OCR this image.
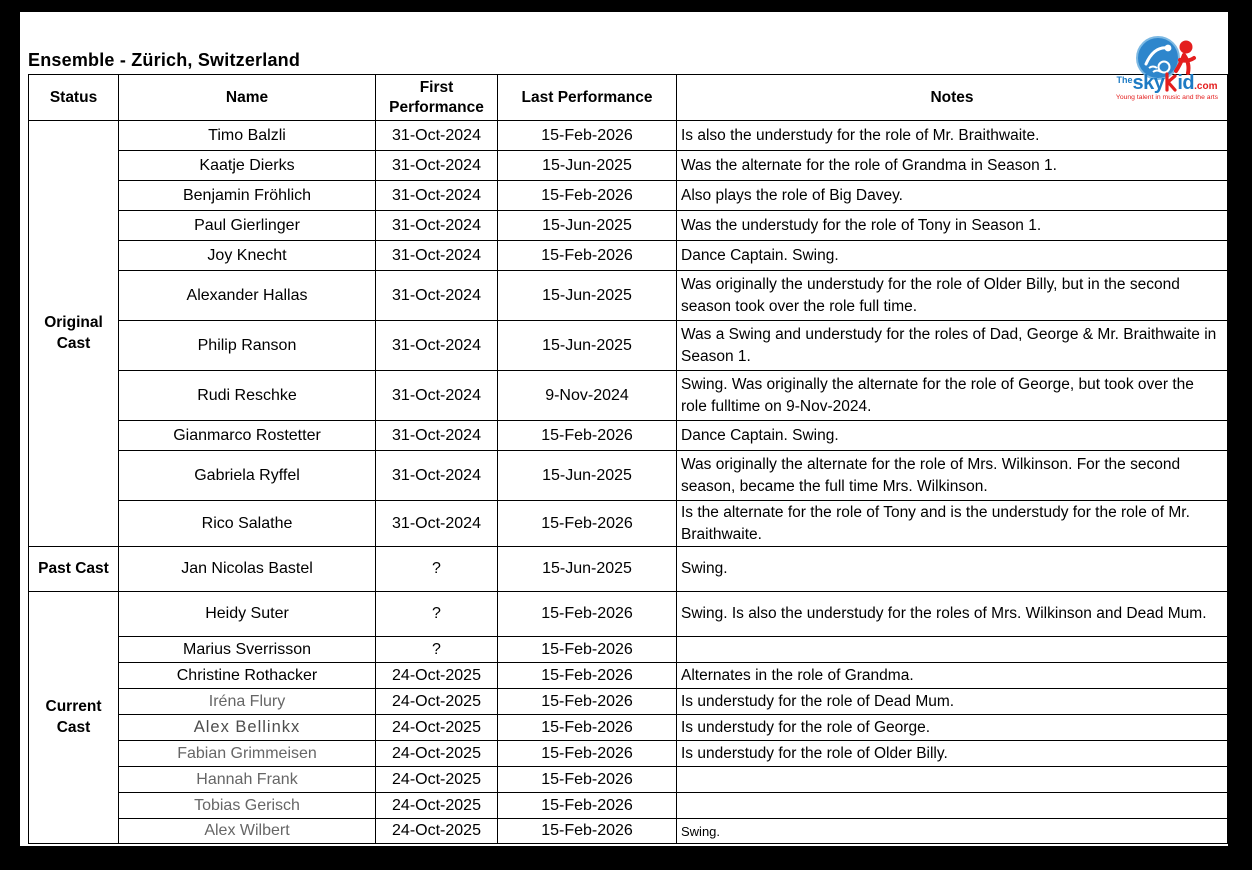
$^{The}$sky id.com
Young talent in music and the arts
Ensemble - Zürich, Switzerland
Status	Name	First Performance	Last Performance	Notes
Original Cast	Timo Balzli	31-Oct-2024	15-Feb-2026	Is also the understudy for the role of Mr. Braithwaite.
	Kaatje Dierks	31-Oct-2024	15-Jun-2025	Was the alternate for the role of Grandma in Season 1.
	Benjamin Fröhlich	31-Oct-2024	15-Feb-2026	Also plays the role of Big Davey.
	Paul Gierlinger	31-Oct-2024	15-Jun-2025	Was the understudy for the role of Tony in Season 1.
	Joy Knecht	31-Oct-2024	15-Feb-2026	Dance Captain. Swing.
	Alexander Hallas	31-Oct-2024	15-Jun-2025	Was originally the understudy for the role of Older Billy, but in the second season took over the role full time.
	Philip Ranson	31-Oct-2024	15-Jun-2025	Was a Swing and understudy for the roles of Dad, George & Mr. Braithwaite in Season 1.
	Rudi Reschke	31-Oct-2024	9-Nov-2024	Swing. Was originally the alternate for the role of George, but took over the role fulltime on 9-Nov-2024.
	Gianmarco Rostetter	31-Oct-2024	15-Feb-2026	Dance Captain. Swing.
	Gabriela Ryffel	31-Oct-2024	15-Jun-2025	Was originally the alternate for the role of Mrs. Wilkinson. For the second season, became the full time Mrs. Wilkinson.
	Rico Salathe	31-Oct-2024	15-Feb-2026	Is the alternate for the role of Tony and is the understudy for the role of Mr. Braithwaite.
Past Cast	Jan Nicolas Bastel	?	15-Jun-2025	Swing.
Current Cast	Heidy Suter	?	15-Feb-2026	Swing. Is also the understudy for the roles of Mrs. Wilkinson and Dead Mum.
	Marius Sverrisson	?	15-Feb-2026	
	Christine Rothacker	24-Oct-2025	15-Feb-2026	Alternates in the role of Grandma.
	Iréna Flury	24-Oct-2025	15-Feb-2026	Is understudy for the role of Dead Mum.
	Alex Bellinkx	24-Oct-2025	15-Feb-2026	Is understudy for the role of George.
	Fabian Grimmeisen	24-Oct-2025	15-Feb-2026	Is understudy for the role of Older Billy.
	Hannah Frank	24-Oct-2025	15-Feb-2026	
	Tobias Gerisch	24-Oct-2025	15-Feb-2026	
	Alex Wilbert	24-Oct-2025	15-Feb-2026	Swing.
